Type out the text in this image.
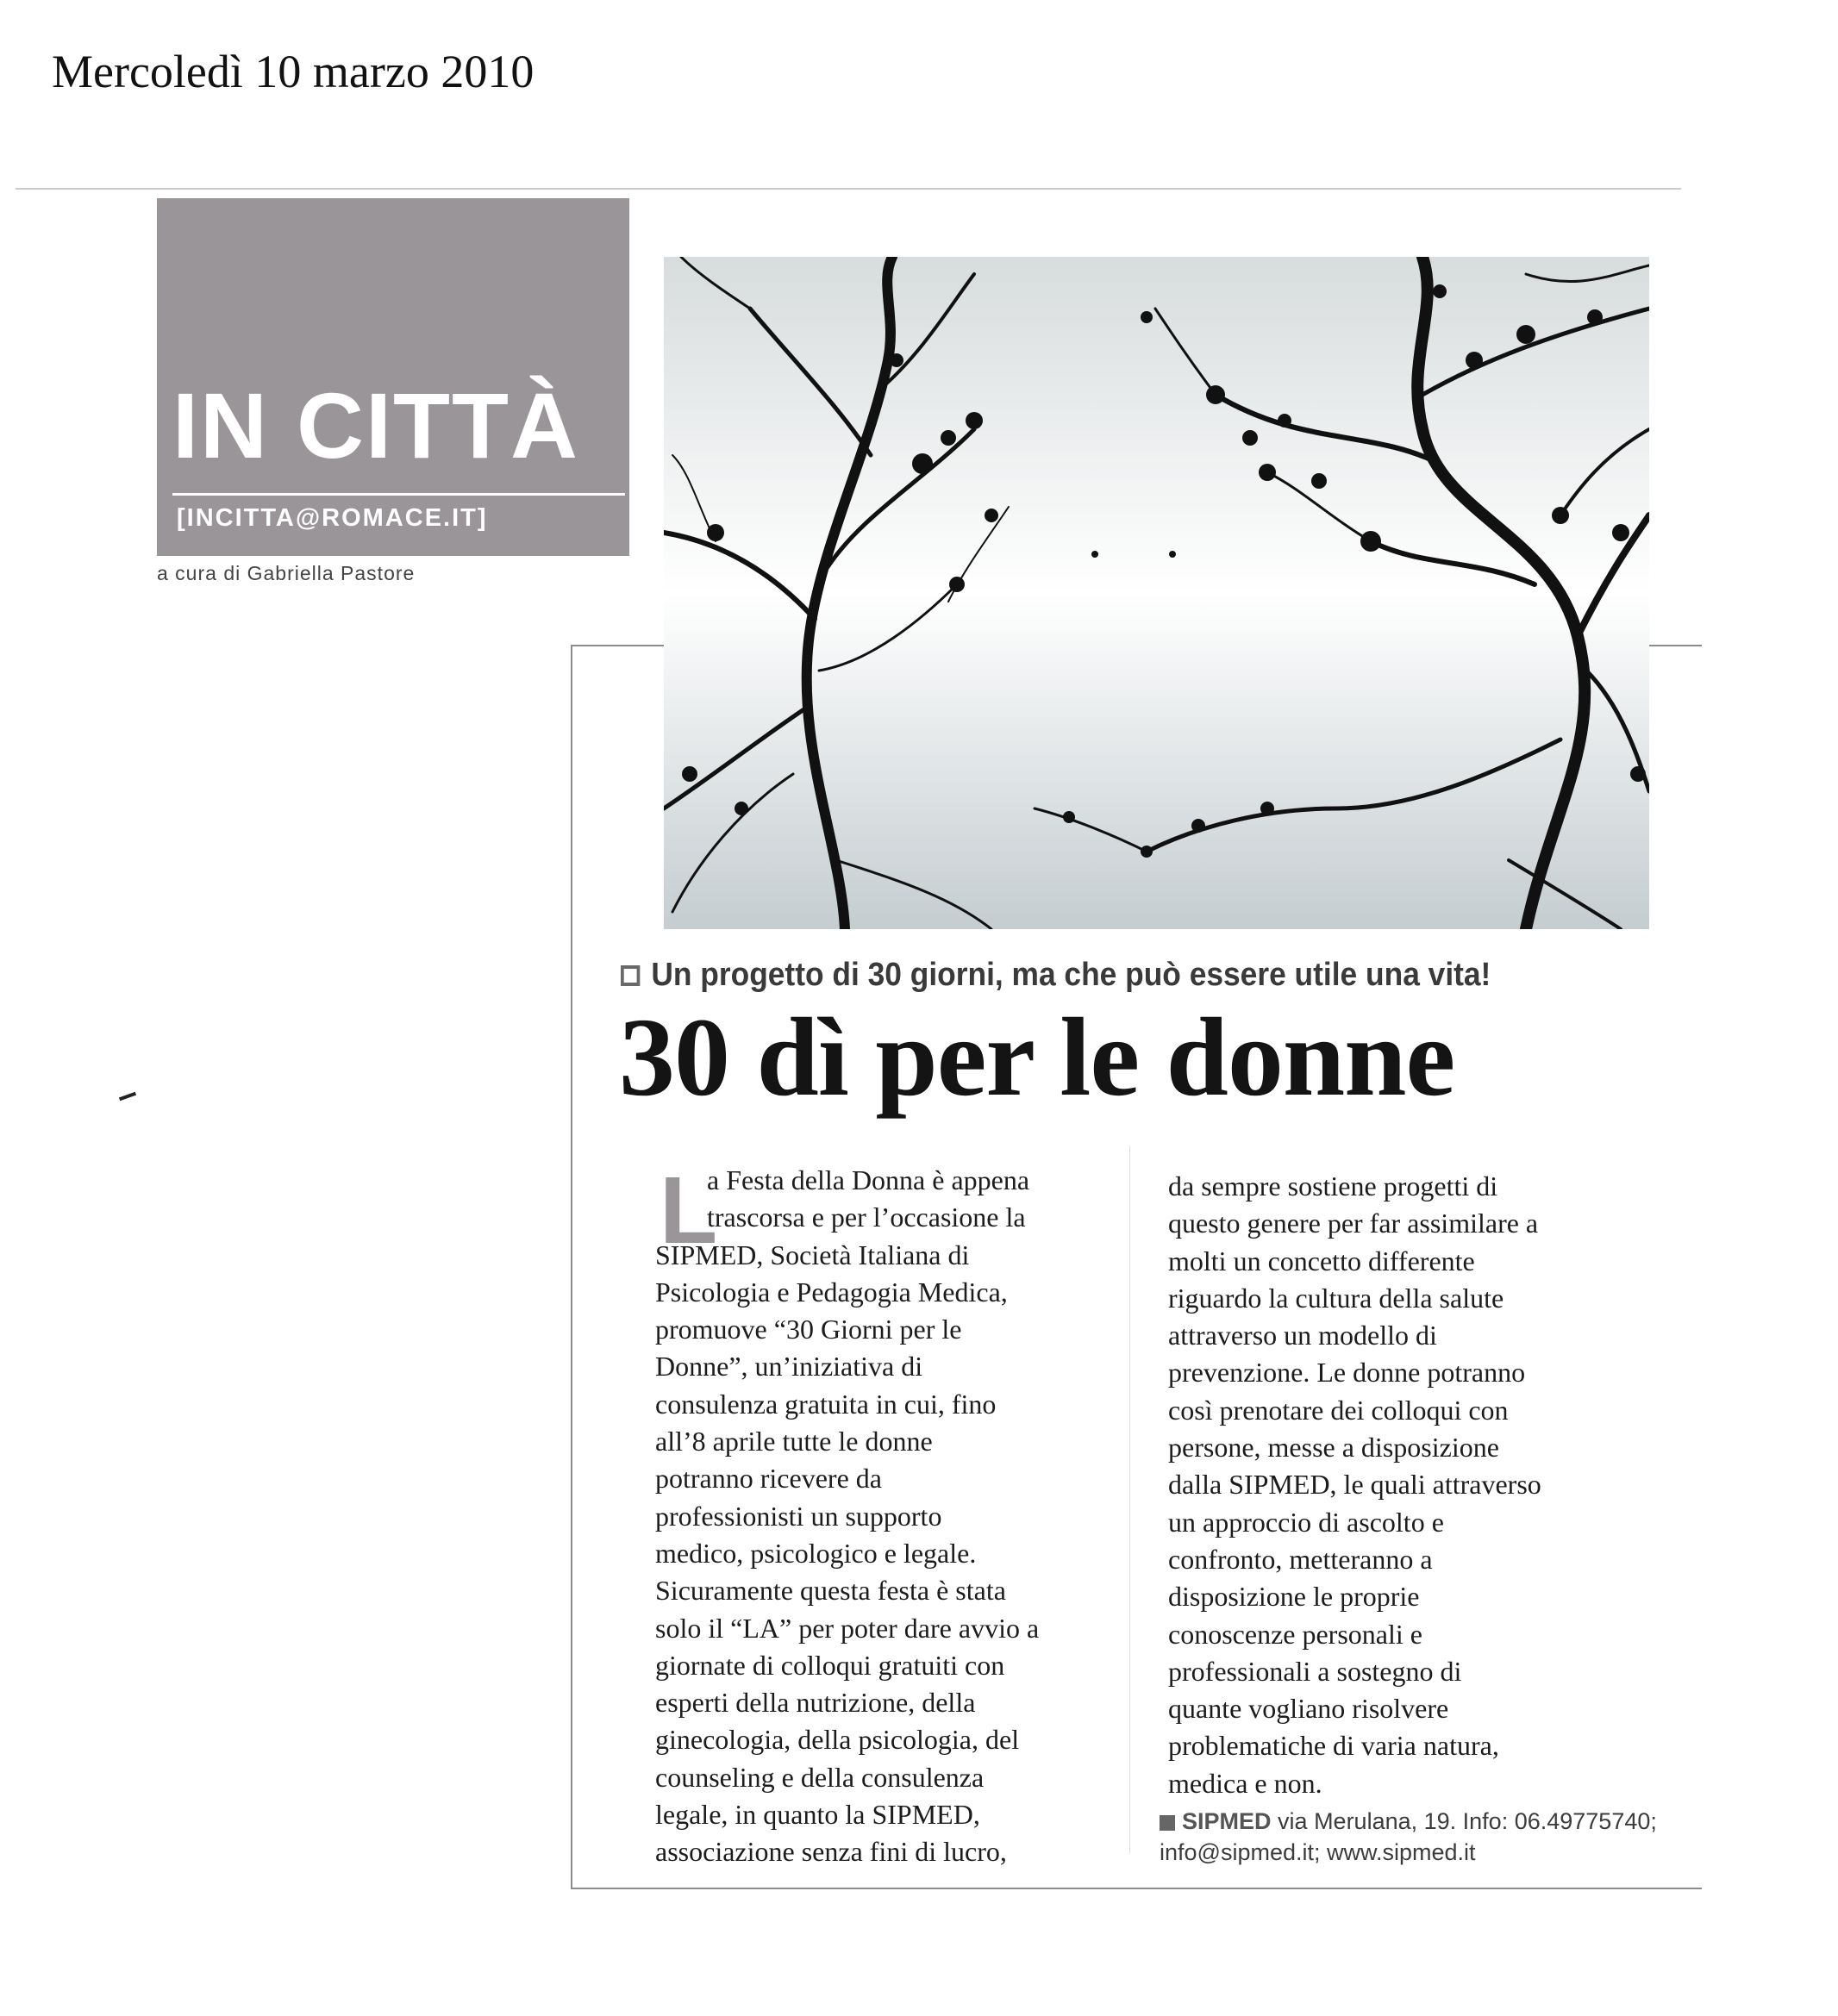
Mercoledì 10 marzo 2010
IN CITTÀ
[INCITTA@ROMACE.IT]
a cura di Gabriella Pastore
Un progetto di 30 giorni, ma che può essere utile una vita!
30 dì per le donne
L

a Festa della Donna è appena

trascorsa e per l’occasione la

SIPMED, Società Italiana di

Psicologia e Pedagogia Medica,

promuove “30 Giorni per le

Donne”, un’iniziativa di

consulenza gratuita in cui, fino

all’8 aprile tutte le donne

potranno ricevere da

professionisti un supporto

medico, psicologico e legale.

Sicuramente questa festa è stata

solo il “LA” per poter dare avvio a

giornate di colloqui gratuiti con

esperti della nutrizione, della

ginecologia, della psicologia, del

counseling e della consulenza

legale, in quanto la SIPMED,

associazione senza fini di lucro,

da sempre sostiene progetti di

questo genere per far assimilare a

molti un concetto differente

riguardo la cultura della salute

attraverso un modello di

prevenzione. Le donne potranno

così prenotare dei colloqui con

persone, messe a disposizione

dalla SIPMED, le quali attraverso

un approccio di ascolto e

confronto, metteranno a

disposizione le proprie

conoscenze personali e

professionali a sostegno di

quante vogliano risolvere

problematiche di varia natura,

medica e non.

SIPMED via Merulana, 19. Info: 06.49775740;
info@sipmed.it; www.sipmed.it
